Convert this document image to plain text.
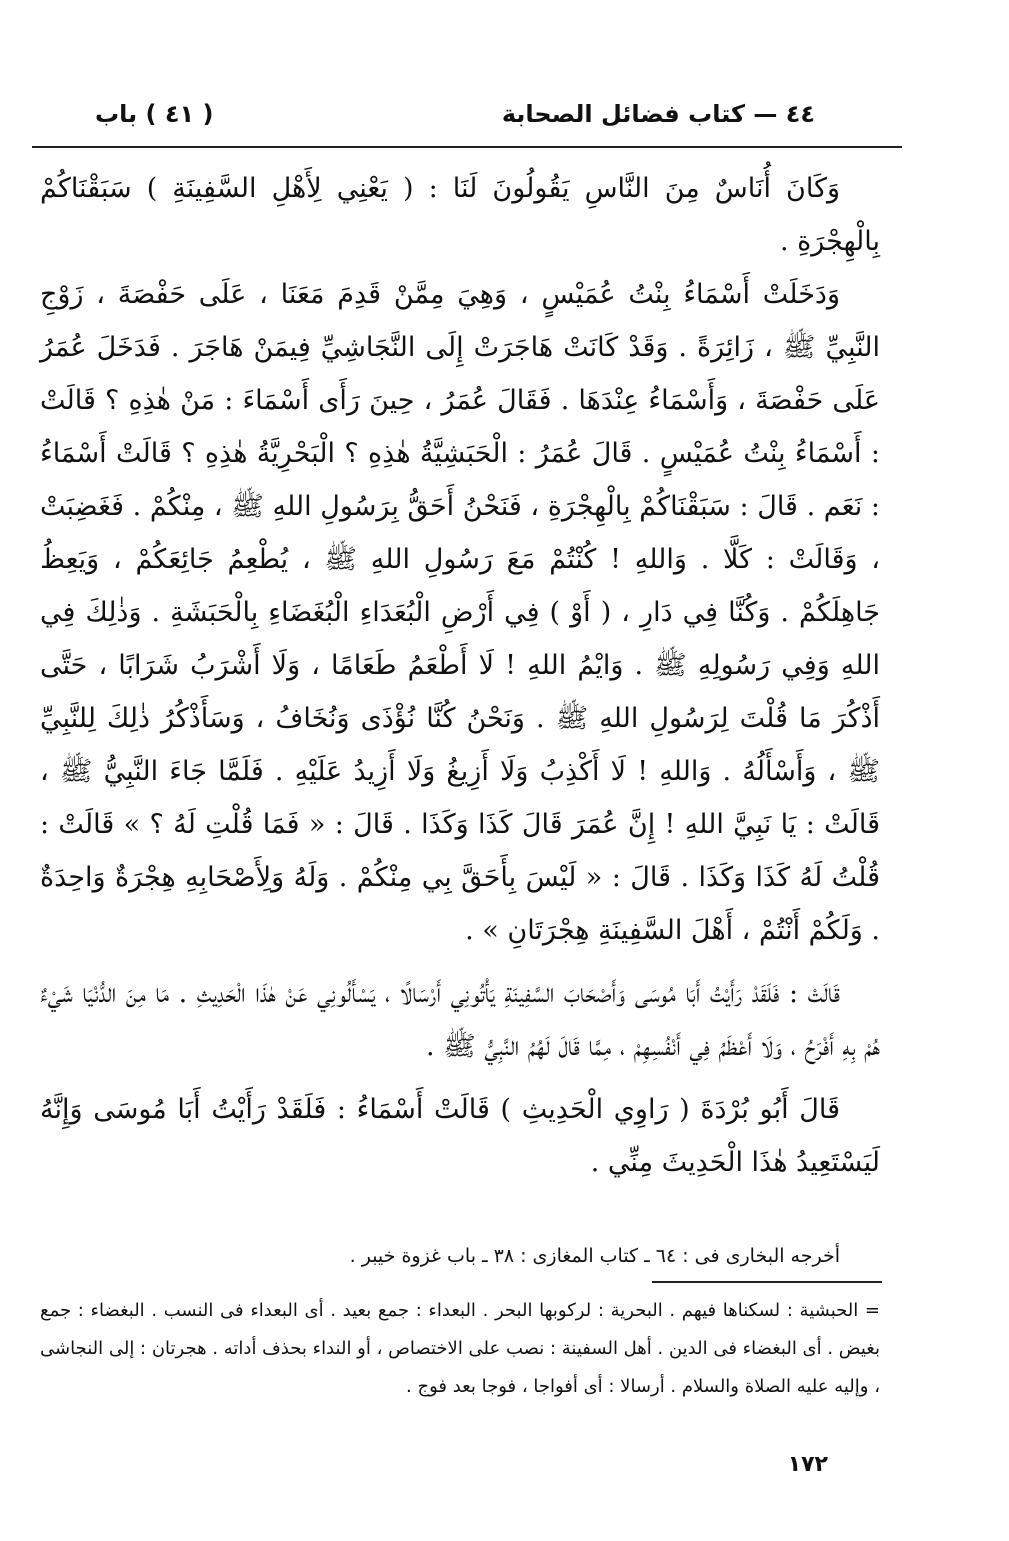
٤٤ — كتاب فضائل الصحابة
( ٤١ ) باب

وَكَانَ أُنَاسٌ مِنَ النَّاسِ يَقُولُونَ لَنَا : ( يَعْنِي لِأَهْلِ السَّفِينَةِ ) سَبَقْنَاكُمْ بِالْهِجْرَةِ .

وَدَخَلَتْ أَسْمَاءُ بِنْتُ عُمَيْسٍ ، وَهِيَ مِمَّنْ قَدِمَ مَعَنَا ، عَلَى حَفْصَةَ ، زَوْجِ النَّبِيِّ ﷺ ، زَائِرَةً . وَقَدْ كَانَتْ هَاجَرَتْ إِلَى النَّجَاشِيِّ فِيمَنْ هَاجَرَ . فَدَخَلَ عُمَرُ عَلَى حَفْصَةَ ، وَأَسْمَاءُ عِنْدَهَا . فَقَالَ عُمَرُ ، حِينَ رَأَى أَسْمَاءَ : مَنْ هٰذِهِ ؟ قَالَتْ : أَسْمَاءُ بِنْتُ عُمَيْسٍ . قَالَ عُمَرُ : الْحَبَشِيَّةُ هٰذِهِ ؟ الْبَحْرِيَّةُ هٰذِهِ ؟ قَالَتْ أَسْمَاءُ : نَعَم . قَالَ : سَبَقْنَاكُمْ بِالْهِجْرَةِ ، فَنَحْنُ أَحَقُّ بِرَسُولِ اللهِ ﷺ ، مِنْكُمْ . فَغَضِبَتْ ، وَقَالَتْ : كَلَّا . وَاللهِ ! كُنْتُمْ مَعَ رَسُولِ اللهِ ﷺ ، يُطْعِمُ جَائِعَكُمْ ، وَيَعِظُ جَاهِلَكُمْ . وَكُنَّا فِي دَارِ ، ( أَوْ ) فِي أَرْضِ الْبُعَدَاءِ الْبُغَضَاءِ بِالْحَبَشَةِ . وَذٰلِكَ فِي اللهِ وَفِي رَسُولِهِ ﷺ . وَايْمُ اللهِ ! لَا أَطْعَمُ طَعَامًا ، وَلَا أَشْرَبُ شَرَابًا ، حَتَّى أَذْكُرَ مَا قُلْتَ لِرَسُولِ اللهِ ﷺ . وَنَحْنُ كُنَّا نُؤْذَى وَنُخَافُ ، وَسَأَذْكُرُ ذٰلِكَ لِلنَّبِيِّ ﷺ ، وَأَسْأَلُهُ . وَاللهِ ! لَا أَكْذِبُ وَلَا أَزِيغُ وَلَا أَزِيدُ عَلَيْهِ . فَلَمَّا جَاءَ النَّبِيُّ ﷺ ، قَالَتْ : يَا نَبِيَّ اللهِ ! إِنَّ عُمَرَ قَالَ كَذَا وَكَذَا . قَالَ : « فَمَا قُلْتِ لَهُ ؟ » قَالَتْ : قُلْتُ لَهُ كَذَا وَكَذَا . قَالَ : « لَيْسَ بِأَحَقَّ بِي مِنْكُمْ . وَلَهُ وَلِأَصْحَابِهِ هِجْرَةٌ وَاحِدَةٌ . وَلَكُمْ أَنْتُمْ ، أَهْلَ السَّفِينَةِ هِجْرَتَانِ » .

قَالَتْ : فَلَقَدْ رَأَيْتُ أَبَا مُوسَى وَأَصْحَابَ السَّفِينَةِ يَأْتُونِي أَرْسَالًا ، يَسْأَلُونِي عَنْ هٰذَا الْحَدِيثِ . مَا مِنَ الدُّنْيَا شَيْءٌ هُمْ بِهِ أَفْرَحُ ، وَلَا أَعْظَمُ فِي أَنْفُسِهِمْ ، مِمَّا قَالَ لَهُمُ النَّبِيُّ ﷺ .

قَالَ أَبُو بُرْدَةَ ( رَاوِي الْحَدِيثِ ) قَالَتْ أَسْمَاءُ : فَلَقَدْ رَأَيْتُ أَبَا مُوسَى وَإِنَّهُ لَيَسْتَعِيدُ هٰذَا الْحَدِيثَ مِنِّي .

أخرجه البخارى فى : ٦٤ ـ كتاب المغازى : ٣٨ ـ باب غزوة خيبر .

= الحبشية : لسكناها فيهم . البحرية : لركوبها البحر . البعداء : جمع بعيد . أى البعداء فى النسب . البغضاء : جمع بغيض . أى البغضاء فى الدين . أهل السفينة : نصب على الاختصاص ، أو النداء بحذف أداته . هجرتان : إلى النجاشى ، وإليه عليه الصلاة والسلام . أرسالا : أى أفواجا ، فوجا بعد فوج .

١٧٢
